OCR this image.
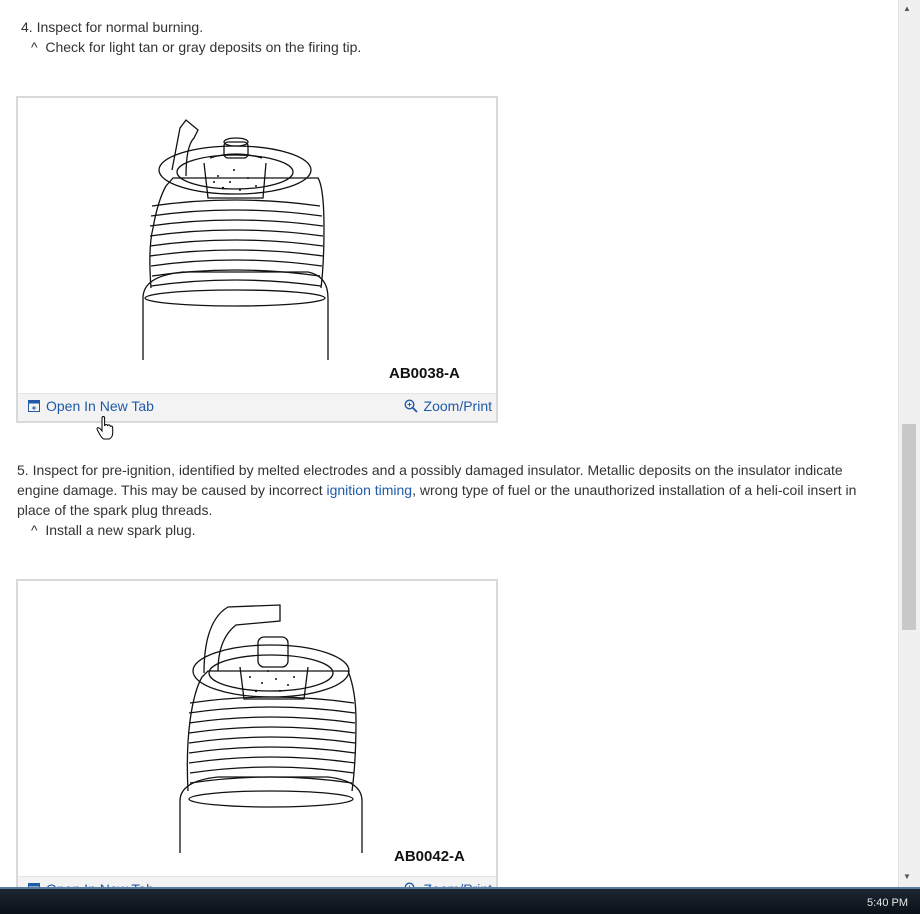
4. Inspect for normal burning.
^ Check for light tan or gray deposits on the firing tip.
AB0038-A
Open In New Tab	Zoom/Print
5. Inspect for pre-ignition, identified by melted electrodes and a possibly damaged insulator. Metallic deposits on the insulator indicate engine damage. This may be caused by incorrect ignition timing, wrong type of fuel or the unauthorized installation of a heli-coil insert in place of the spark plug threads.
^ Install a new spark plug.
AB0042-A
▲
▼
5:40 PM
